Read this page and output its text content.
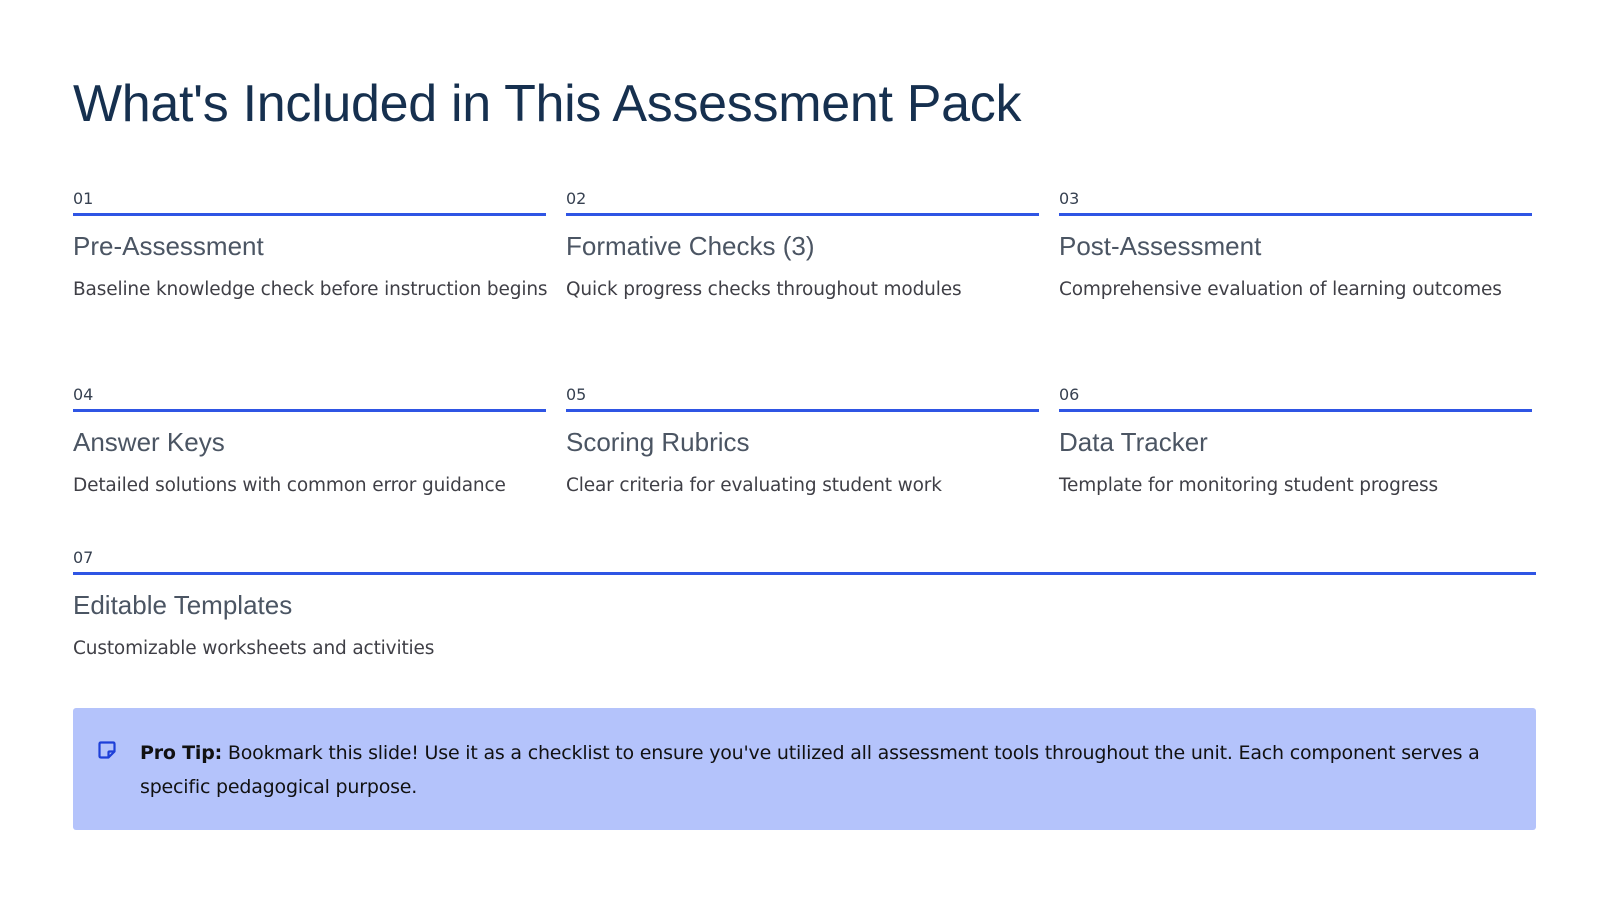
What's Included in This Assessment Pack
01
Pre-Assessment
Baseline knowledge check before instruction begins
02
Formative Checks (3)
Quick progress checks throughout modules
03
Post-Assessment
Comprehensive evaluation of learning outcomes
04
Answer Keys
Detailed solutions with common error guidance
05
Scoring Rubrics
Clear criteria for evaluating student work
06
Data Tracker
Template for monitoring student progress
07
Editable Templates
Customizable worksheets and activities

Pro Tip: Bookmark this slide! Use it as a checklist to ensure you've utilized all assessment tools throughout the unit. Each component serves a specific pedagogical purpose.
